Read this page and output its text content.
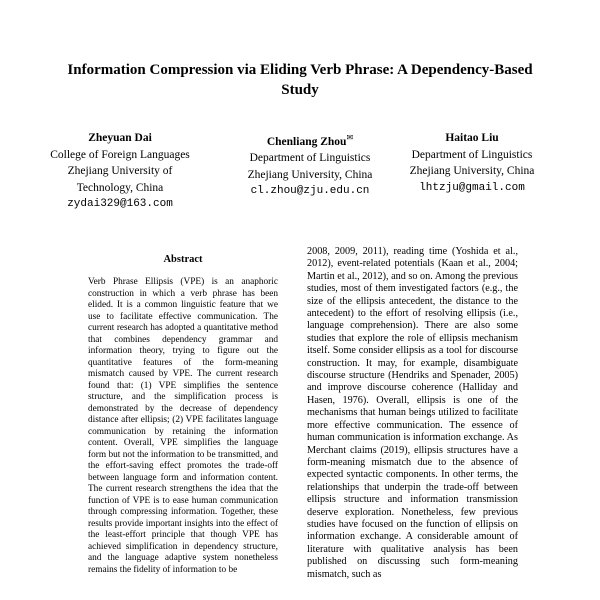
Information Compression via Eliding Verb Phrase: A Dependency-Based Study
Zheyuan Dai
College of Foreign Languages
Zhejiang University of Technology, China
zydai329@163.com
Chenliang Zhou✉
Department of Linguistics
Zhejiang University, China
cl.zhou@zju.edu.cn
Haitao Liu
Department of Linguistics
Zhejiang University, China
lhtzju@gmail.com
Abstract
Verb Phrase Ellipsis (VPE) is an anaphoric construction in which a verb phrase has been elided. It is a common linguistic feature that we use to facilitate effective communication. The current research has adopted a quantitative method that combines dependency grammar and information theory, trying to figure out the quantitative features of the form-meaning mismatch caused by VPE. The current research found that: (1) VPE simplifies the sentence structure, and the simplification process is demonstrated by the decrease of dependency distance after ellipsis; (2) VPE facilitates language communication by retaining the information content. Overall, VPE simplifies the language form but not the information to be transmitted, and the effort-saving effect promotes the trade-off between language form and information content. The current research strengthens the idea that the function of VPE is to ease human communication through compressing information. Together, these results provide important insights into the effect of the least-effort principle that though VPE has achieved simplification in dependency structure, and the language adaptive system nonetheless remains the fidelity of information to be
2008, 2009, 2011), reading time (Yoshida et al., 2012), event-related potentials (Kaan et al., 2004; Martin et al., 2012), and so on. Among the previous studies, most of them investigated factors (e.g., the size of the ellipsis antecedent, the distance to the antecedent) to the effort of resolving ellipsis (i.e., language comprehension). There are also some studies that explore the role of ellipsis mechanism itself. Some consider ellipsis as a tool for discourse construction. It may, for example, disambiguate discourse structure (Hendriks and Spenader, 2005) and improve discourse coherence (Halliday and Hasen, 1976). Overall, ellipsis is one of the mechanisms that human beings utilized to facilitate more effective communication. The essence of human communication is information exchange. As Merchant claims (2019), ellipsis structures have a form-meaning mismatch due to the absence of expected syntactic components. In other terms, the relationships that underpin the trade-off between ellipsis structure and information transmission deserve exploration. Nonetheless, few previous studies have focused on the function of ellipsis on information exchange. A considerable amount of literature with qualitative analysis has been published on discussing such form-meaning mismatch, such as
